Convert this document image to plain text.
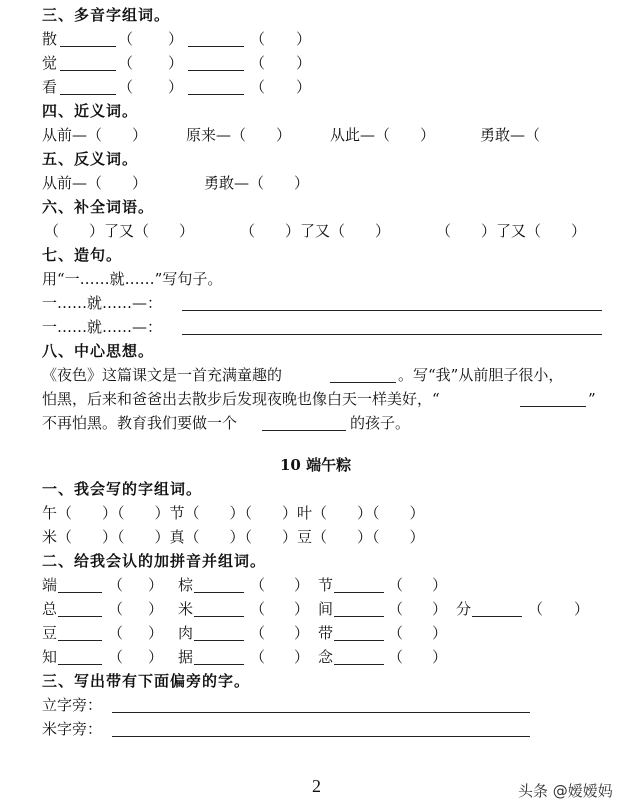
三、多音字组词。
散	（ ）	（ ）
觉	（ ）	（ ）
看	（ ）	（ ）
四、近义词。
从前—（　　）	原来—（　　）	从此—（　　）	勇敢—（
五、反义词。
从前—（　　）	勇敢—（　　）
六、补全词语。
（　　）了又（　　）	（　　）了又（　　）	（　　）了又（　　）
七、造句。
用“一……就……”写句子。
一……就……—：
一……就……—：
八、中心思想。
《夜色》这篇课文是一首充满童趣的	。写“我”从前胆子很小，
怕黑，后来和爸爸出去散步后发现夜晚也像白天一样美好，“	”
不再怕黑。教育我们要做一个	的孩子。
10 端午粽
一、我会写的字组词。
午（　　）（　　）节（　　）（　　）叶（　　）（　　）
米（　　）（　　）真（　　）（　　）豆（　　）（　　）
二、给我会认的加拼音并组词。
端	（ ） 棕	（ ） 节	（ ）
总	（ ） 米	（ ） 间	（ ） 分	（ ）
豆	（ ） 肉	（ ） 带	（ ）
知	（ ） 据	（ ） 念	（ ）
三、写出带有下面偏旁的字。
立字旁：
米字旁：
2	头条 @嫒嫒妈
